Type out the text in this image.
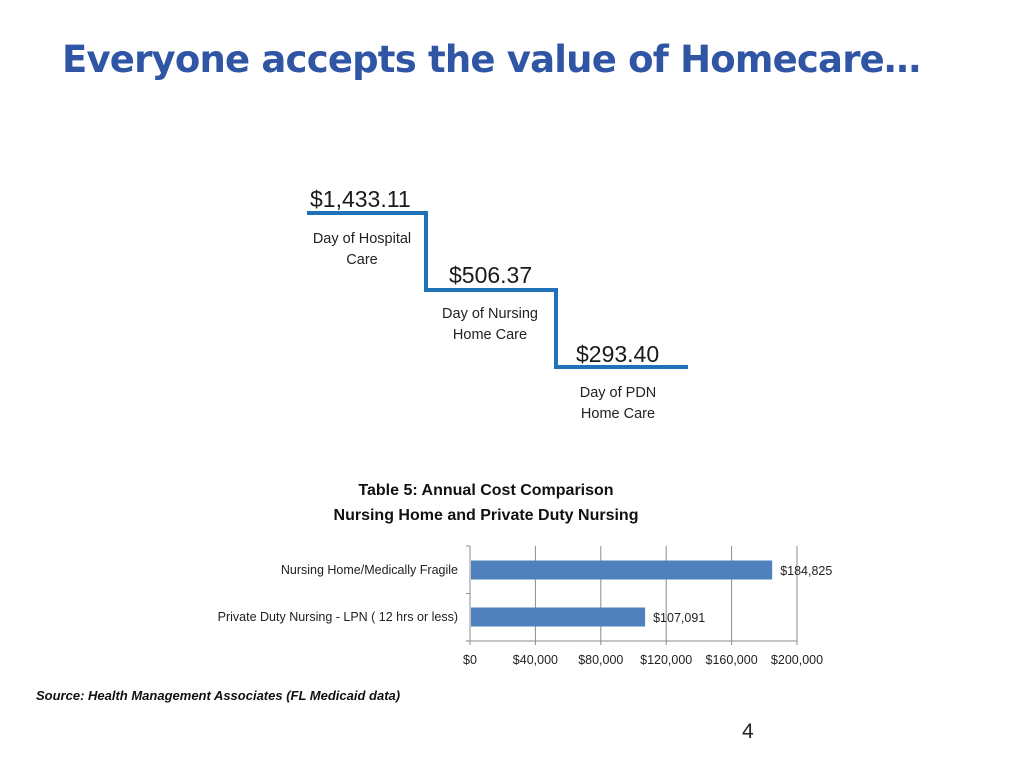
Everyone accepts the value of Homecare…
$1,433.11
Day of Hospital
Care
$506.37
Day of Nursing
Home Care
$293.40
Day of PDN
Home Care
Table 5: Annual Cost Comparison
Nursing Home and Private Duty Nursing
$0	$40,000 $80,000 $120,000 $160,000 $200,000
$184,825
Nursing Home/Medically Fragile
$107,091
Private Duty Nursing - LPN ( 12 hrs or less)
Source: Health Management Associates (FL Medicaid data)
4
